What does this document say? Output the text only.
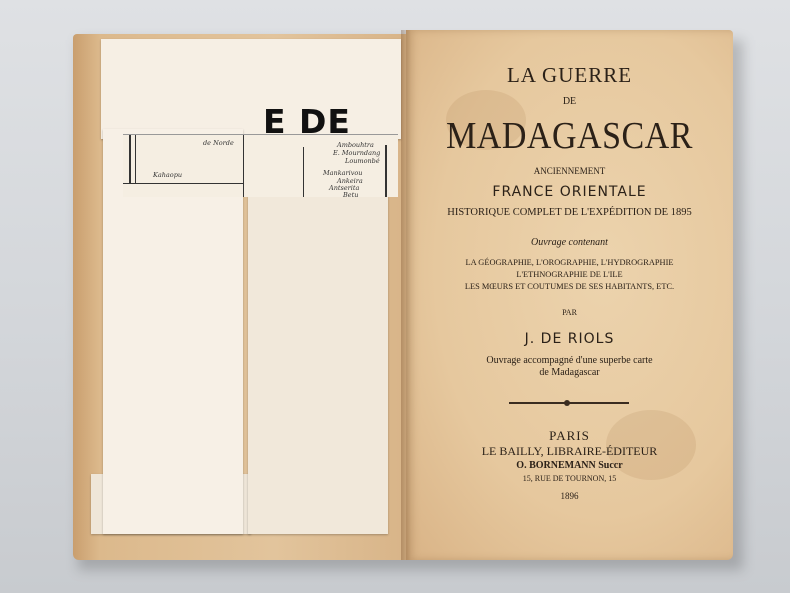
de Norde
Kahaopu
Ambouhtra
E. Mourndang
Loumonbé
Mankarivou
Ankeira
Antserita
Betu
E DE
LA GUERRE
DE
MADAGASCAR
ANCIENNEMENT
FRANCE ORIENTALE
HISTORIQUE COMPLET DE L'EXPÉDITION DE 1895
Ouvrage contenant
LA GÉOGRAPHIE, L'OROGRAPHIE, L'HYDROGRAPHIE
L'ETHNOGRAPHIE DE L'ILE
LES MŒURS ET COUTUMES DE SES HABITANTS, ETC.
PAR
J. DE RIOLS
Ouvrage accompagné d'une superbe carte
de Madagascar
PARIS
LE BAILLY, LIBRAIRE-ÉDITEUR
O. BORNEMANN Succr
15, RUE DE TOURNON, 15
1896
